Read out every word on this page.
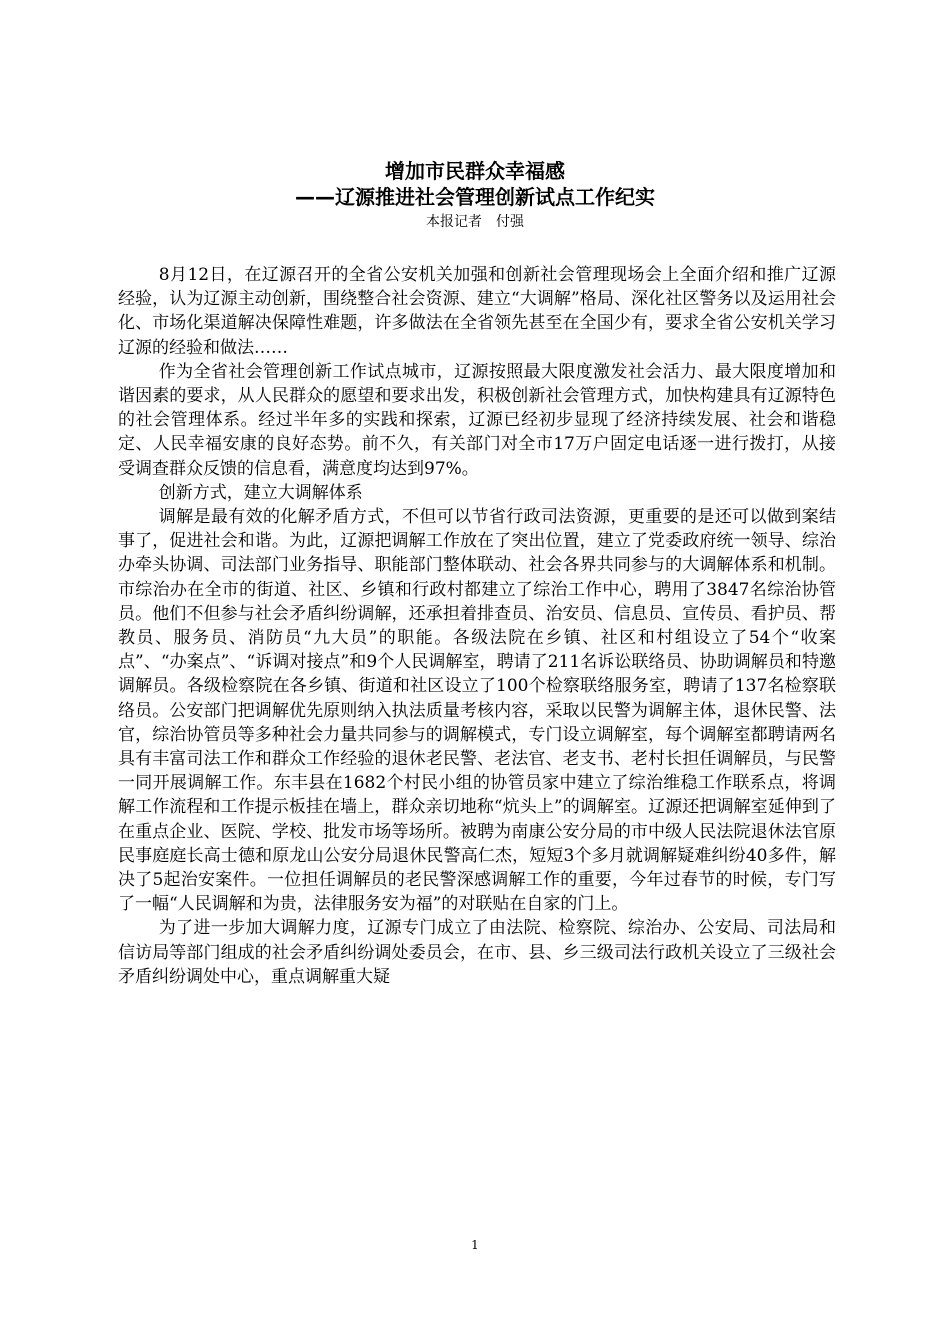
增加市民群众幸福感
——辽源推进社会管理创新试点工作纪实
本报记者　付强

8月12日，在辽源召开的全省公安机关加强和创新社会管理现场会上全面介绍和推广辽源经验，认为辽源主动创新，围绕整合社会资源、建立“大调解”格局、深化社区警务以及运用社会化、市场化渠道解决保障性难题，许多做法在全省领先甚至在全国少有，要求全省公安机关学习辽源的经验和做法……

作为全省社会管理创新工作试点城市，辽源按照最大限度激发社会活力、最大限度增加和谐因素的要求，从人民群众的愿望和要求出发，积极创新社会管理方式，加快构建具有辽源特色的社会管理体系。经过半年多的实践和探索，辽源已经初步显现了经济持续发展、社会和谐稳定、人民幸福安康的良好态势。前不久，有关部门对全市17万户固定电话逐一进行拨打，从接受调查群众反馈的信息看，满意度均达到97%。

创新方式，建立大调解体系

调解是最有效的化解矛盾方式，不但可以节省行政司法资源，更重要的是还可以做到案结事了，促进社会和谐。为此，辽源把调解工作放在了突出位置，建立了党委政府统一领导、综治办牵头协调、司法部门业务指导、职能部门整体联动、社会各界共同参与的大调解体系和机制。市综治办在全市的街道、社区、乡镇和行政村都建立了综治工作中心，聘用了3847名综治协管员。他们不但参与社会矛盾纠纷调解，还承担着排查员、治安员、信息员、宣传员、看护员、帮教员、服务员、消防员“九大员”的职能。各级法院在乡镇、社区和村组设立了54个“收案点”、“办案点”、“诉调对接点”和9个人民调解室，聘请了211名诉讼联络员、协助调解员和特邀调解员。各级检察院在各乡镇、街道和社区设立了100个检察联络服务室，聘请了137名检察联络员。公安部门把调解优先原则纳入执法质量考核内容，采取以民警为调解主体，退休民警、法官，综治协管员等多种社会力量共同参与的调解模式，专门设立调解室，每个调解室都聘请两名具有丰富司法工作和群众工作经验的退休老民警、老法官、老支书、老村长担任调解员，与民警一同开展调解工作。东丰县在1682个村民小组的协管员家中建立了综治维稳工作联系点，将调解工作流程和工作提示板挂在墙上，群众亲切地称“炕头上”的调解室。辽源还把调解室延伸到了在重点企业、医院、学校、批发市场等场所。被聘为南康公安分局的市中级人民法院退休法官原民事庭庭长高士德和原龙山公安分局退休民警高仁杰，短短3个多月就调解疑难纠纷40多件，解决了5起治安案件。一位担任调解员的老民警深感调解工作的重要，今年过春节的时候，专门写了一幅“人民调解和为贵，法律服务安为福”的对联贴在自家的门上。

为了进一步加大调解力度，辽源专门成立了由法院、检察院、综治办、公安局、司法局和信访局等部门组成的社会矛盾纠纷调处委员会，在市、县、乡三级司法行政机关设立了三级社会矛盾纠纷调处中心，重点调解重大疑

1
